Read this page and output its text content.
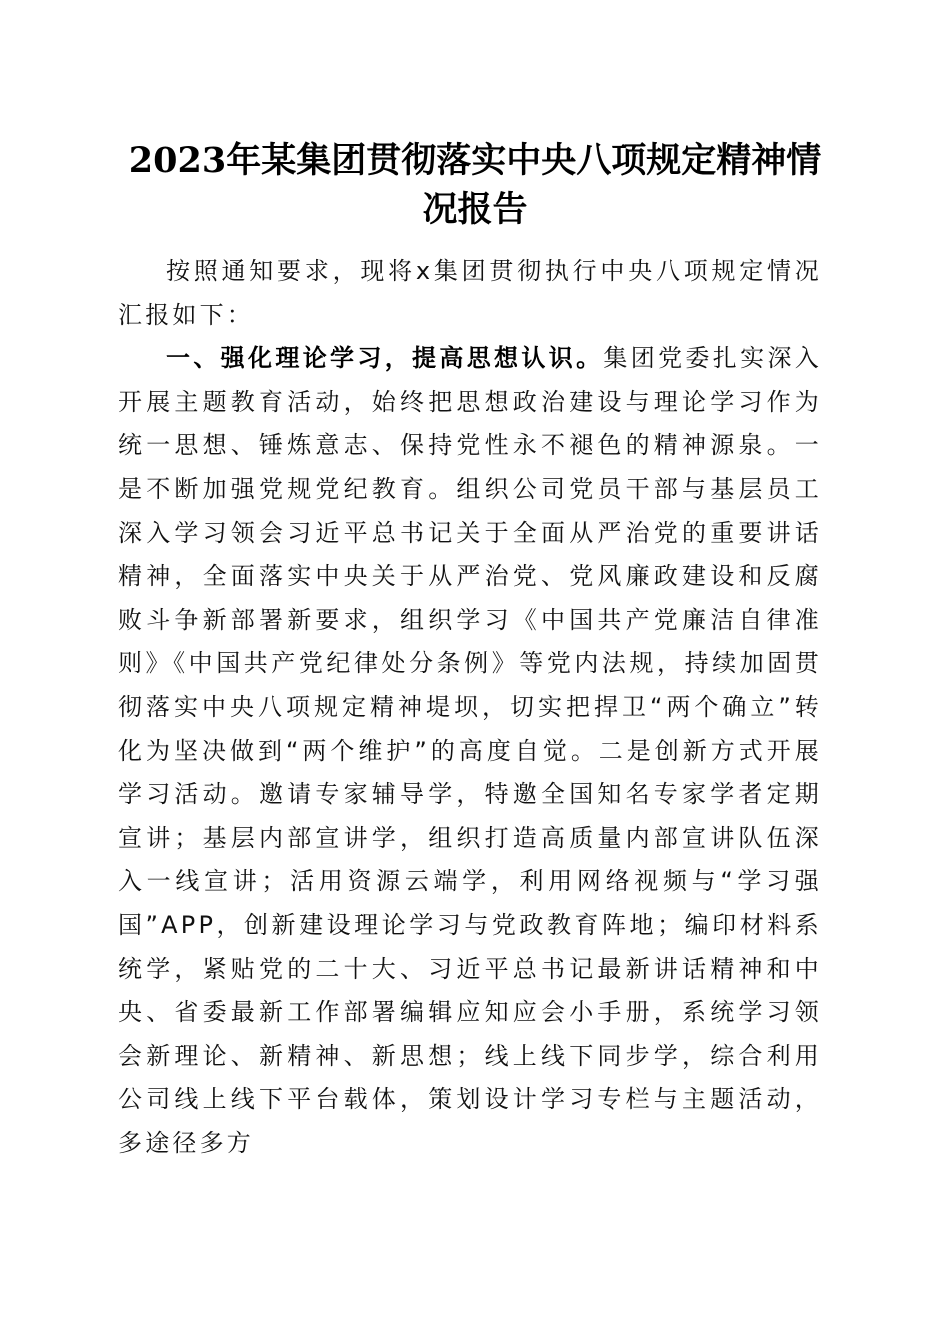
2023年某集团贯彻落实中央八项规定精神情况报告

按照通知要求，现将x集团贯彻执行中央八项规定情况汇报如下：

一、强化理论学习，提高思想认识。集团党委扎实深入开展主题教育活动，始终把思想政治建设与理论学习作为统一思想、锤炼意志、保持党性永不褪色的精神源泉。一是不断加强党规党纪教育。组织公司党员干部与基层员工深入学习领会习近平总书记关于全面从严治党的重要讲话精神，全面落实中央关于从严治党、党风廉政建设和反腐败斗争新部署新要求，组织学习《中国共产党廉洁自律准则》《中国共产党纪律处分条例》等党内法规，持续加固贯彻落实中央八项规定精神堤坝，切实把捍卫“两个确立”转化为坚决做到“两个维护”的高度自觉。二是创新方式开展学习活动。邀请专家辅导学，特邀全国知名专家学者定期宣讲；基层内部宣讲学，组织打造高质量内部宣讲队伍深入一线宣讲；活用资源云端学，利用网络视频与“学习强国”APP，创新建设理论学习与党政教育阵地；编印材料系统学，紧贴党的二十大、习近平总书记最新讲话精神和中央、省委最新工作部署编辑应知应会小手册，系统学习领会新理论、新精神、新思想；线上线下同步学，综合利用公司线上线下平台载体，策划设计学习专栏与主题活动，多途径多方
